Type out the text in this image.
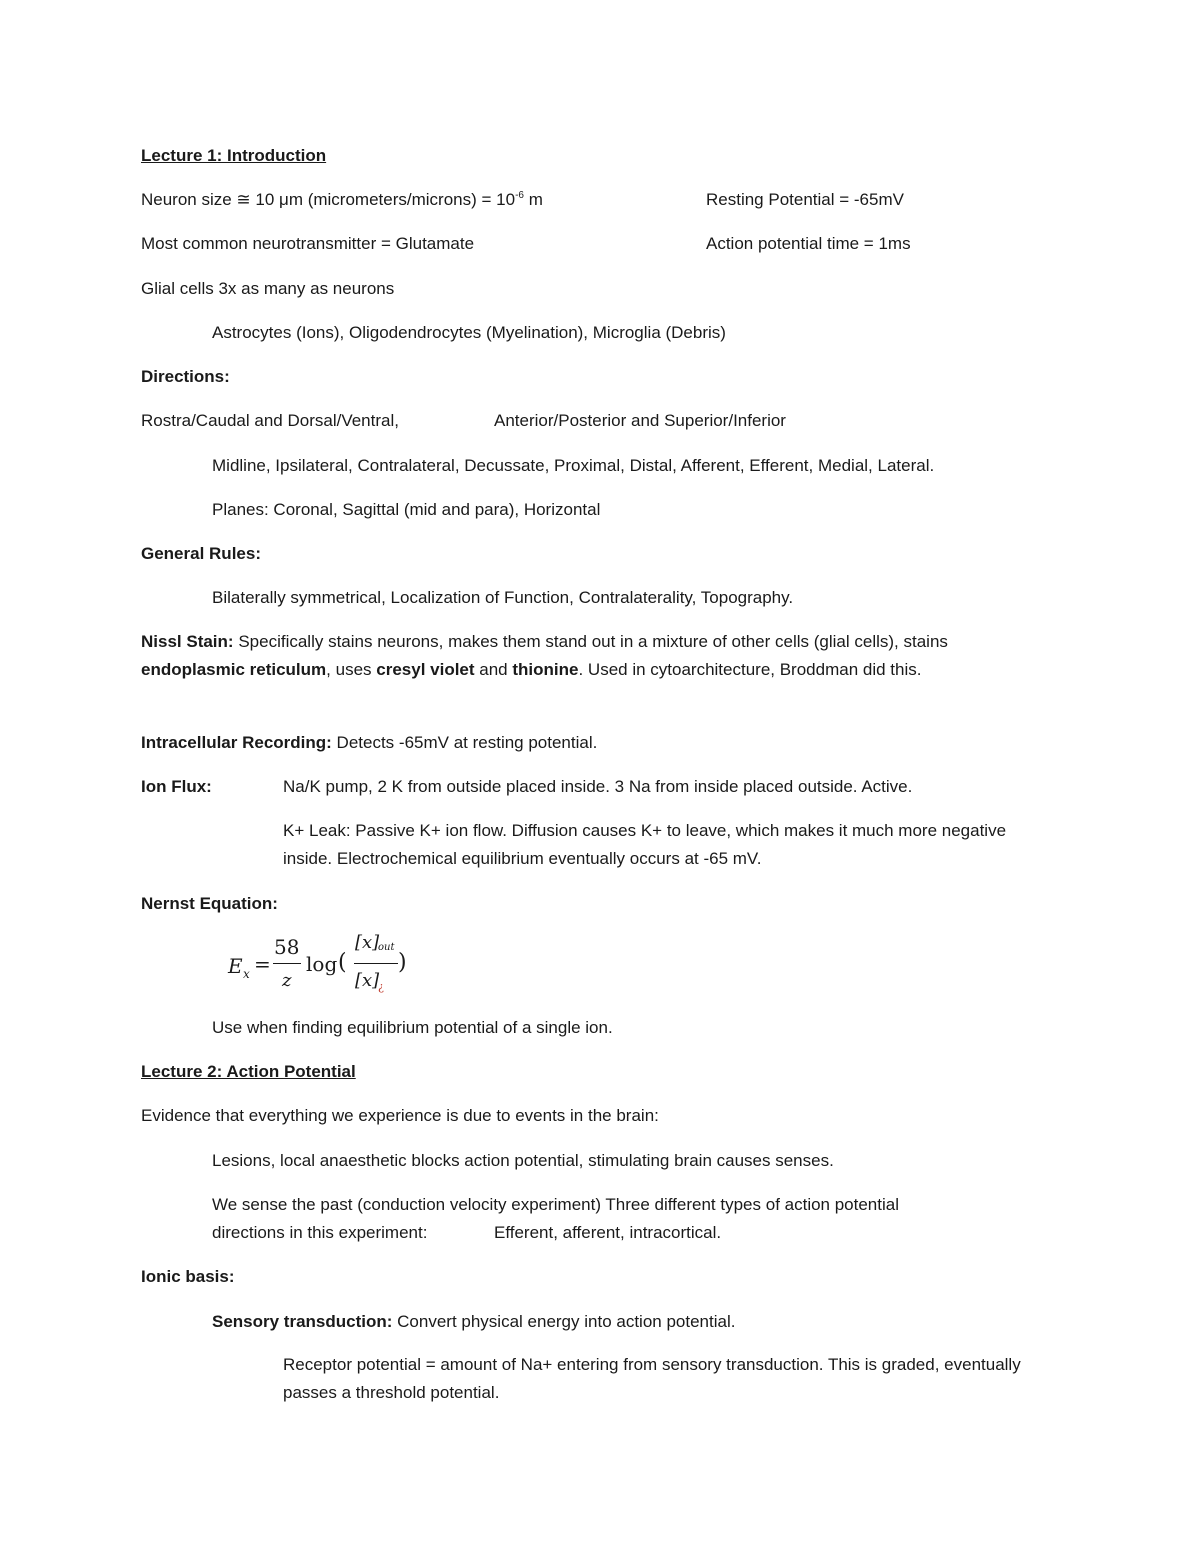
Lecture 1: Introduction
Neuron size ≅ 10 μm (micrometers/microns) = $10^{-6}$ m	Resting Potential = -65mV
Most common neurotransmitter = Glutamate	Action potential time = 1ms
Glial cells 3x as many as neurons
Astrocytes (Ions), Oligodendrocytes (Myelination), Microglia (Debris)
Directions:
Rostra/Caudal and Dorsal/Ventral,	Anterior/Posterior and Superior/Inferior
Midline, Ipsilateral, Contralateral, Decussate, Proximal, Distal, Afferent, Efferent, Medial, Lateral.
Planes: Coronal, Sagittal (mid and para), Horizontal
General Rules:
Bilaterally symmetrical, Localization of Function, Contralaterality, Topography.
Nissl Stain: Specifically stains neurons, makes them stand out in a mixture of other cells (glial cells), stains endoplasmic reticulum, uses cresyl violet and thionine. Used in cytoarchitecture, Broddman did this.
Intracellular Recording: Detects -65mV at resting potential.
Ion Flux:	Na/K pump, 2 K from outside placed inside. 3 Na from inside placed outside. Active.
K+ Leak: Passive K+ ion flow. Diffusion causes K+ to leave, which makes it much more negative inside. Electrochemical equilibrium eventually occurs at -65 mV.
Nernst Equation:
E x =
58
z
log (
[x]
out
[x]
¿
)
Use when finding equilibrium potential of a single ion.
Lecture 2: Action Potential
Evidence that everything we experience is due to events in the brain:
Lesions, local anaesthetic blocks action potential, stimulating brain causes senses.
We sense the past (conduction velocity experiment) Three different types of action potential
directions in this experiment:	Efferent, afferent, intracortical.
Ionic basis:
Sensory transduction: Convert physical energy into action potential.
Receptor potential = amount of Na+ entering from sensory transduction. This is graded, eventually passes a threshold potential.
